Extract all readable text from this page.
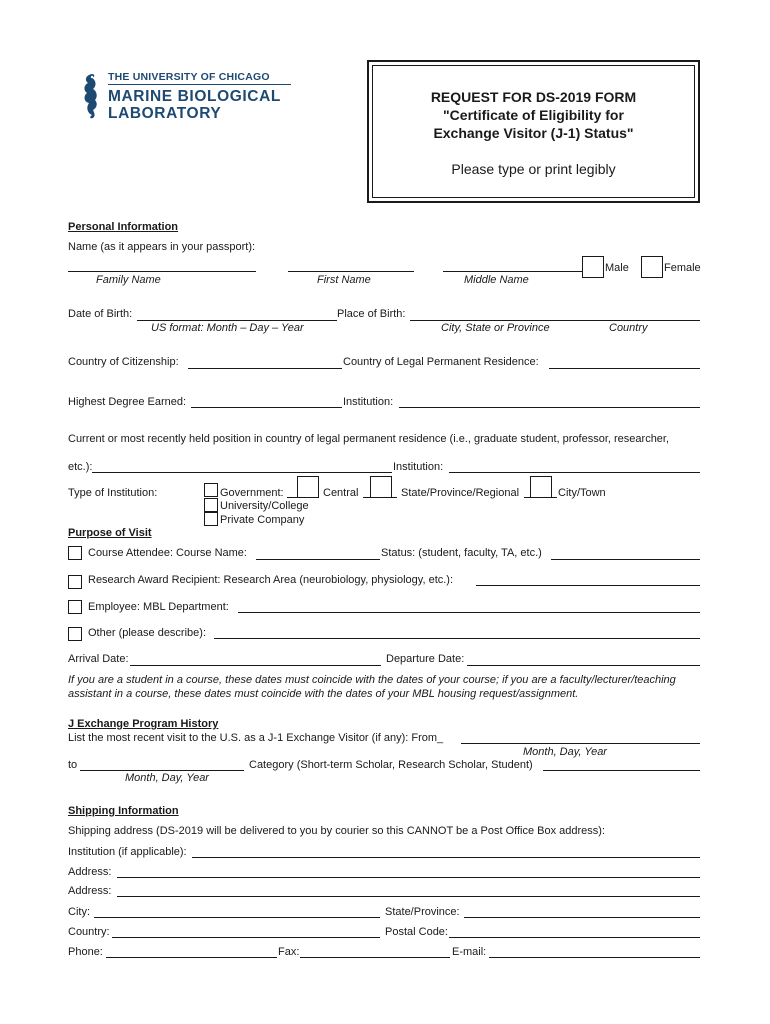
THE UNIVERSITY OF CHICAGO
MARINE BIOLOGICAL
LABORATORY
REQUEST FOR DS-2019 FORM
"Certificate of Eligibility for
Exchange Visitor (J-1) Status"
Please type or print legibly
Personal Information
Name (as it appears in your passport):
Family Name	First Name	Middle Name
Male	Female
Date of Birth:	Place of Birth:
US format: Month – Day – Year	City, State or Province	Country
Country of Citizenship:	Country of Legal Permanent Residence:
Highest Degree Earned:	Institution:
Current or most recently held position in country of legal permanent residence (i.e., graduate student, professor, researcher,
etc.):	Institution:
Type of Institution:	Government:	Central	State/Province/Regional	City/Town
University/College
Private Company
Purpose of Visit
Course Attendee: Course Name:	Status: (student, faculty, TA, etc.)
Research Award Recipient: Research Area (neurobiology, physiology, etc.):
Employee: MBL Department:
Other (please describe):
Arrival Date:	Departure Date:
If you are a student in a course, these dates must coincide with the dates of your course; if you are a faculty/lecturer/teaching
assistant in a course, these dates must coincide with the dates of your MBL housing request/assignment.
J Exchange Program History
List the most recent visit to the U.S. as a J-1 Exchange Visitor (if any): From_
Month, Day, Year
to	Category (Short-term Scholar, Research Scholar, Student)
Month, Day, Year
Shipping Information
Shipping address (DS-2019 will be delivered to you by courier so this CANNOT be a Post Office Box address):
Institution (if applicable):
Address:
Address:
City:	State/Province:
Country:	Postal Code:
Phone:	Fax:	E-mail:
